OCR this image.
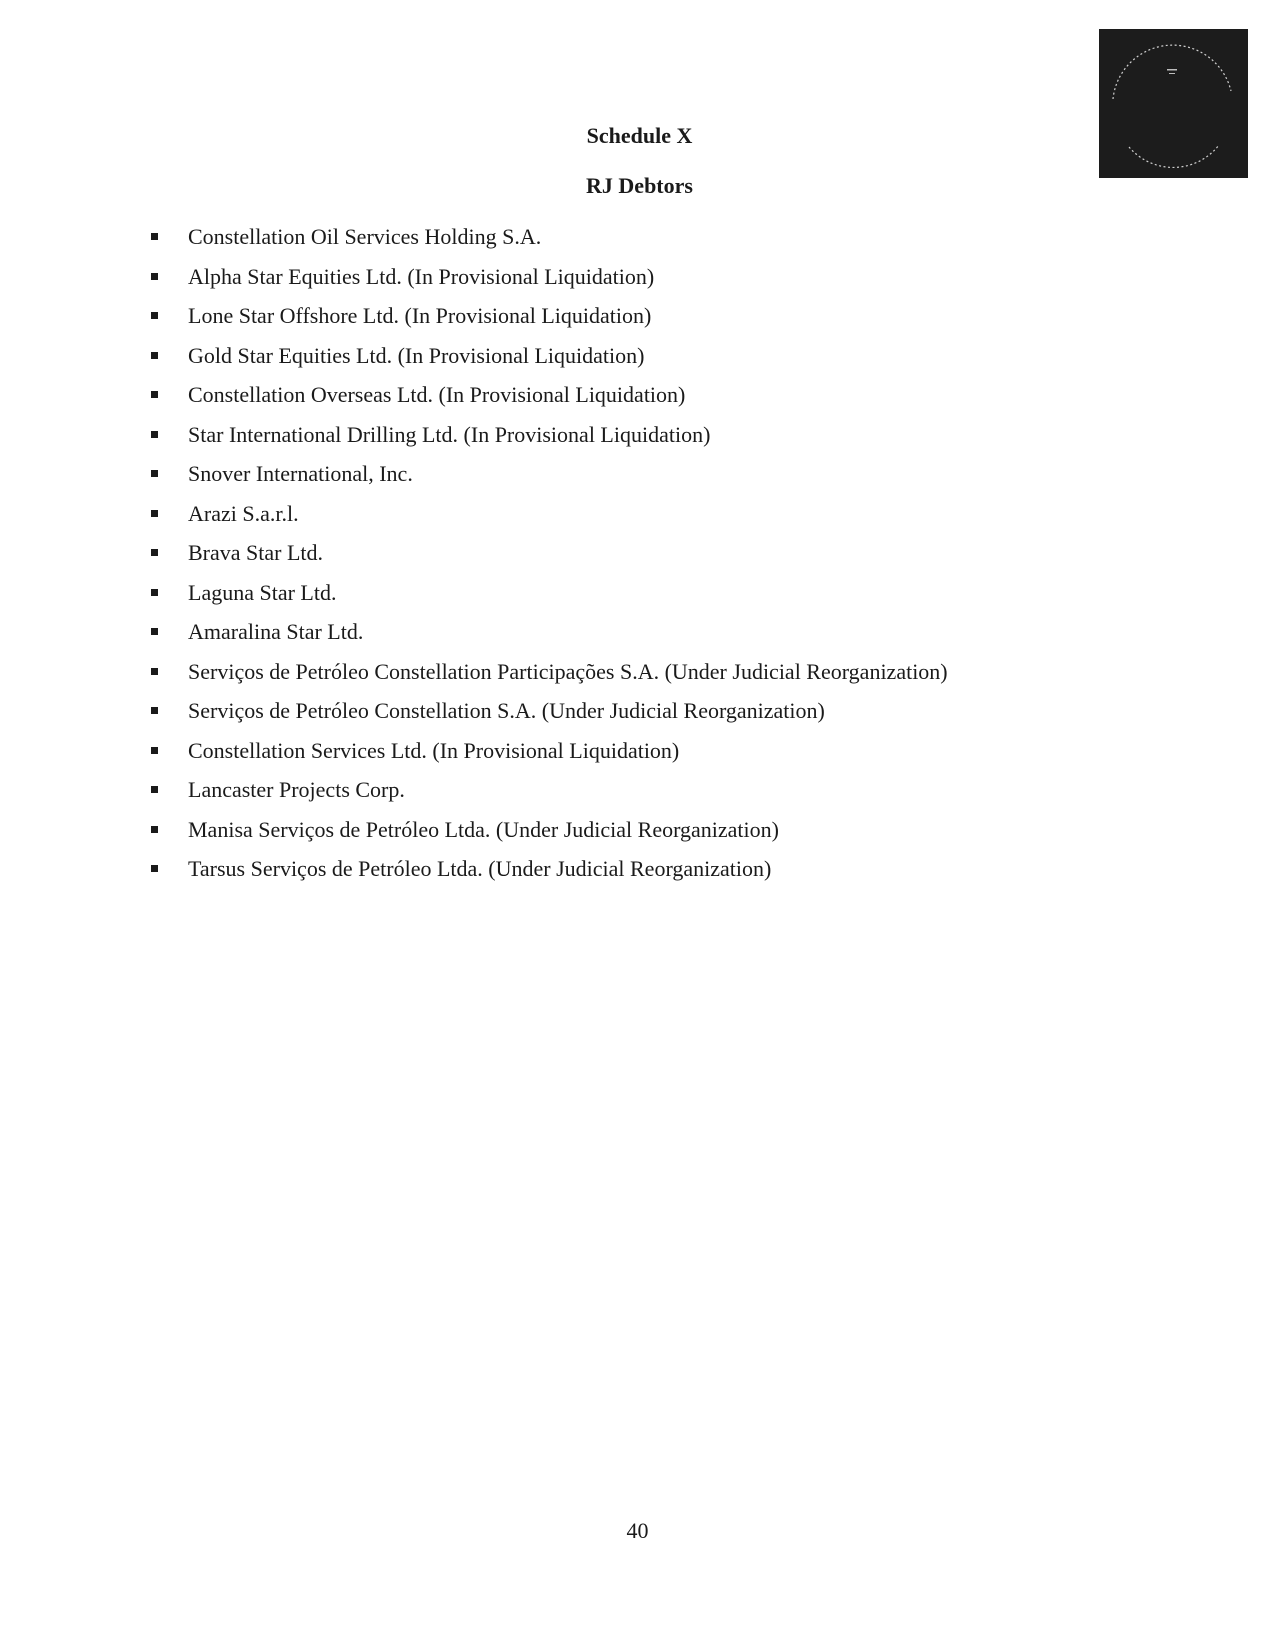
Schedule X
RJ Debtors
Constellation Oil Services Holding S.A.
Alpha Star Equities Ltd. (In Provisional Liquidation)
Lone Star Offshore Ltd. (In Provisional Liquidation)
Gold Star Equities Ltd. (In Provisional Liquidation)
Constellation Overseas Ltd. (In Provisional Liquidation)
Star International Drilling Ltd. (In Provisional Liquidation)
Snover International, Inc.
Arazi S.a.r.l.
Brava Star Ltd.
Laguna Star Ltd.
Amaralina Star Ltd.
Serviços de Petróleo Constellation Participações S.A. (Under Judicial Reorganization)
Serviços de Petróleo Constellation S.A. (Under Judicial Reorganization)
Constellation Services Ltd. (In Provisional Liquidation)
Lancaster Projects Corp.
Manisa Serviços de Petróleo Ltda. (Under Judicial Reorganization)
Tarsus Serviços de Petróleo Ltda. (Under Judicial Reorganization)
40
